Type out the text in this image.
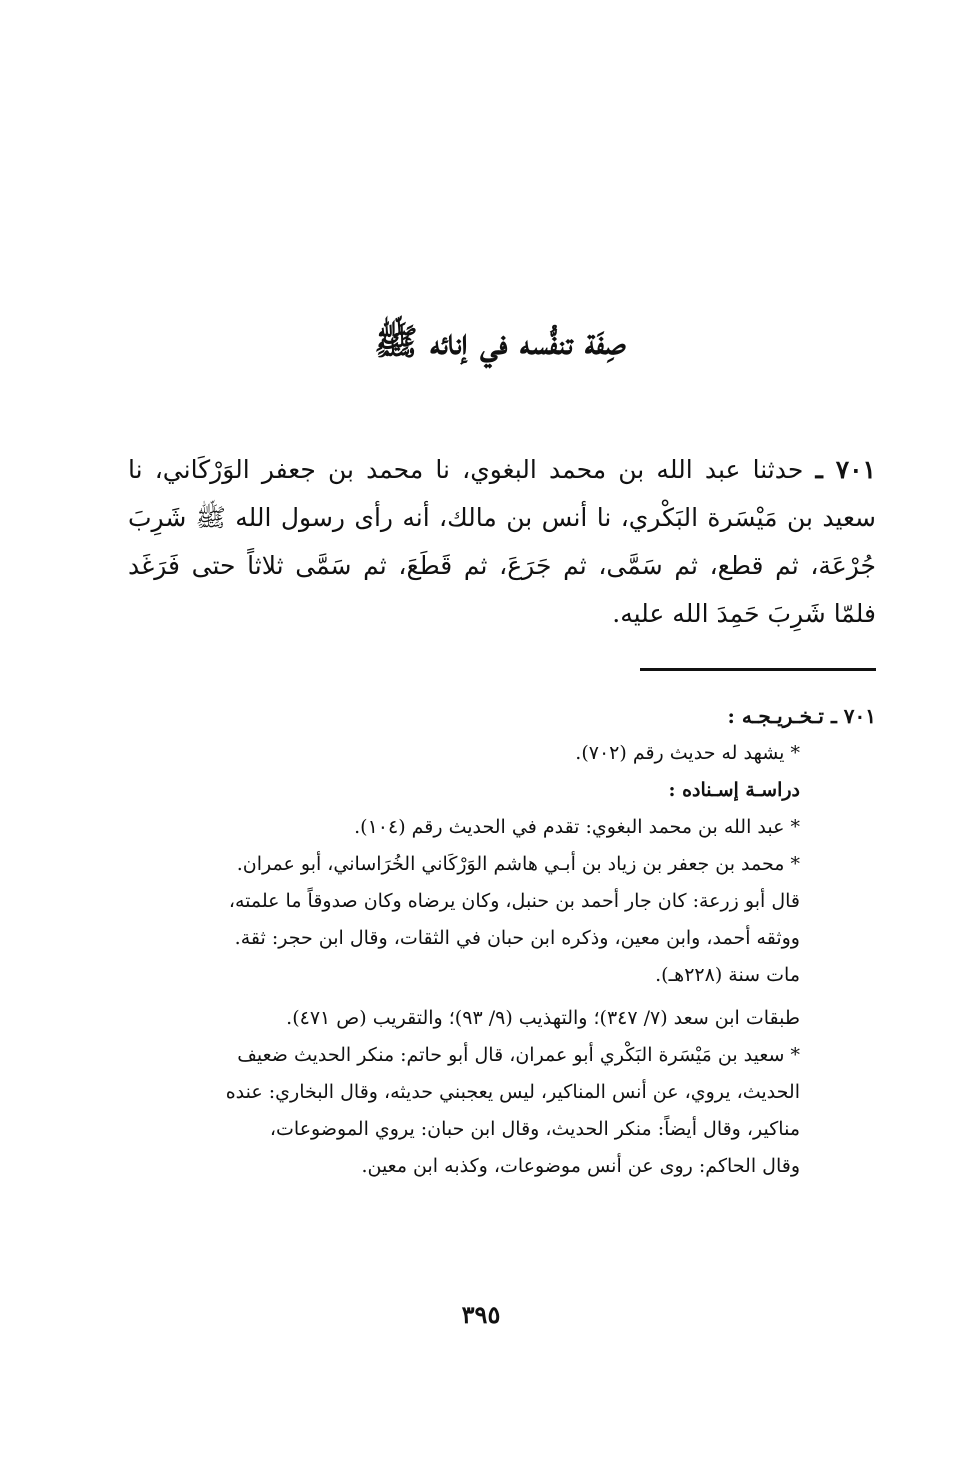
صِفَة تنفُّسه في إنائه ﷺ
٧٠١ ـ حدثنا عبد الله بن محمد البغوي، نا محمد بن جعفر الوَرْكَاني، نا سعيد بن مَيْسَرة البَكْري، نا أنس بن مالك، أنه رأى رسول الله ﷺ شَرِبَ جُرْعَة، ثم قطع، ثم سَمَّى، ثم جَرَعَ، ثم قَطَعَ، ثم سَمَّى ثلاثاً حتى فَرَغَد فلمّا شَرِبَ حَمِدَ الله عليه.

٧٠١ ـ تـخـريـجـه :

* يشهد له حديث رقم (٧٠٢).

دراسـة إسـناده :

* عبد الله بن محمد البغوي: تقدم في الحديث رقم (١٠٤).

* محمد بن جعفر بن زياد بن أبـي هاشم الوَرْكَاني الخُرَاساني، أبو عمران.

قال أبو زرعة: كان جار أحمد بن حنبل، وكان يرضاه وكان صدوقاً ما علمته،

ووثقه أحمد، وابن معين، وذكره ابن حبان في الثقات، وقال ابن حجر: ثقة.

مات سنة (٢٢٨هـ).

طبقات ابن سعد (٧/ ٣٤٧)؛ والتهذيب (٩/ ٩٣)؛ والتقريب (ص ٤٧١).

* سعيد بن مَيْسَرة البَكْري أبو عمران، قال أبو حاتم: منكر الحديث ضعيف

الحديث، يروي، عن أنس المناكير، ليس يعجبني حديثه، وقال البخاري: عنده

مناكير، وقال أيضاً: منكر الحديث، وقال ابن حبان: يروي الموضوعات،

وقال الحاكم: روى عن أنس موضوعات، وكذبه ابن معين.

٣٩٥
